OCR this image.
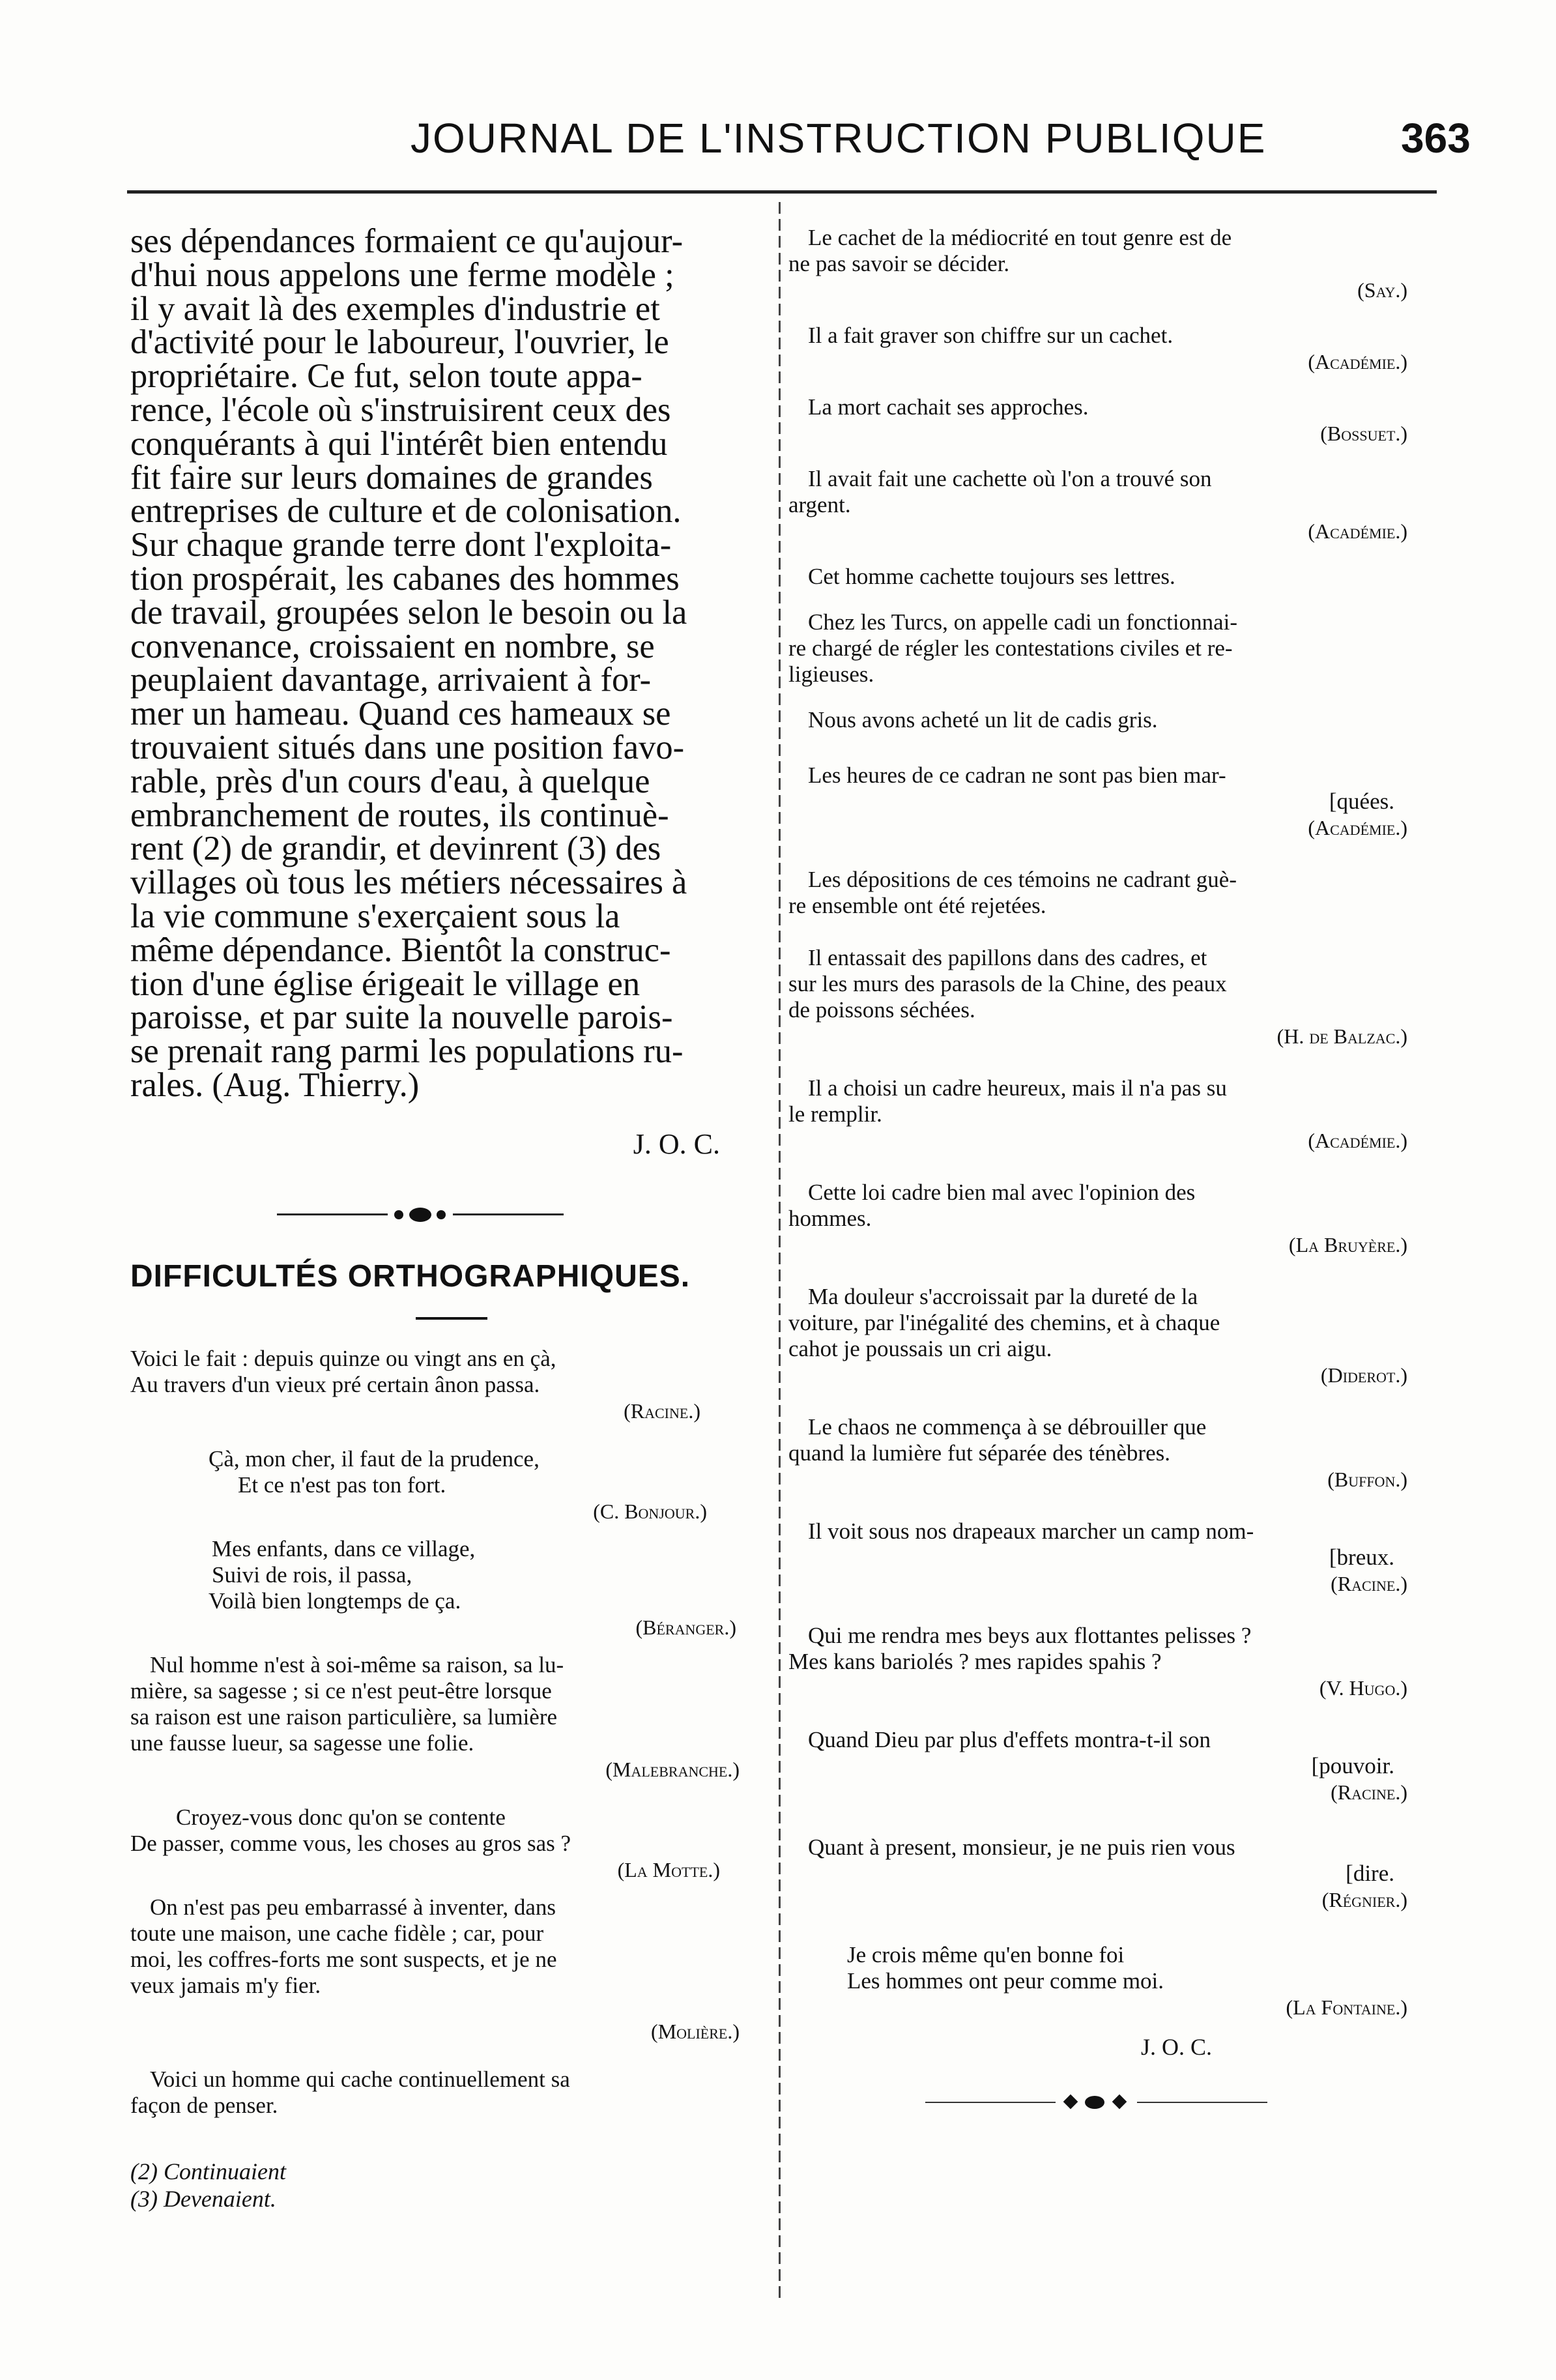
JOURNAL DE L'INSTRUCTION PUBLIQUE	363
ses dépendances formaient ce qu'aujour-
d'hui nous appelons une ferme modèle ;
il y avait là des exemples d'industrie et
d'activité pour le laboureur, l'ouvrier, le
propriétaire. Ce fut, selon toute appa-
rence, l'école où s'instruisirent ceux des
conquérants à qui l'intérêt bien entendu
fit faire sur leurs domaines de grandes
entreprises de culture et de colonisation.
Sur chaque grande terre dont l'exploita-
tion prospérait, les cabanes des hommes
de travail, groupées selon le besoin ou la
convenance, croissaient en nombre, se
peuplaient davantage, arrivaient à for-
mer un hameau. Quand ces hameaux se
trouvaient situés dans une position favo-
rable, près d'un cours d'eau, à quelque
embranchement de routes, ils continuè-
rent (2) de grandir, et devinrent (3) des
villages où tous les métiers nécessaires à
la vie commune s'exerçaient sous la
même dépendance. Bientôt la construc-
tion d'une église érigeait le village en
paroisse, et par suite la nouvelle parois-
se prenait rang parmi les populations ru-
rales. (Aug. Thierry.)
J. O. C.
DIFFICULTÉS ORTHOGRAPHIQUES.

Voici le fait : depuis quinze ou vingt ans en çà,

Au travers d'un vieux pré certain ânon passa.

(Racine.)

Çà, mon cher, il faut de la prudence,

Et ce n'est pas ton fort.

(C. Bonjour.)

Mes enfants, dans ce village,

Suivi de rois, il passa,

Voilà bien longtemps de ça.

(Béranger.)

Nul homme n'est à soi-même sa raison, sa lu-

mière, sa sagesse ; si ce n'est peut-être lorsque

sa raison est une raison particulière, sa lumière

une fausse lueur, sa sagesse une folie.

(Malebranche.)

Croyez-vous donc qu'on se contente

De passer, comme vous, les choses au gros sas ?

(La Motte.)

On n'est pas peu embarrassé à inventer, dans

toute une maison, une cache fidèle ; car, pour

moi, les coffres-forts me sont suspects, et je ne

veux jamais m'y fier.

(Molière.)

Voici un homme qui cache continuellement sa

façon de penser.

(2) Continuaient
(3) Devenaient.

Le cachet de la médiocrité en tout genre est de

ne pas savoir se décider.

(Say.)

Il a fait graver son chiffre sur un cachet.

(Académie.)

La mort cachait ses approches.

(Bossuet.)

Il avait fait une cachette où l'on a trouvé son

argent.

(Académie.)

Cet homme cachette toujours ses lettres.

Chez les Turcs, on appelle cadi un fonctionnai-

re chargé de régler les contestations civiles et re-

ligieuses.

Nous avons acheté un lit de cadis gris.

Les heures de ce cadran ne sont pas bien mar-

[quées.

(Académie.)

Les dépositions de ces témoins ne cadrant guè-

re ensemble ont été rejetées.

Il entassait des papillons dans des cadres, et

sur les murs des parasols de la Chine, des peaux

de poissons séchées.

(H. de Balzac.)

Il a choisi un cadre heureux, mais il n'a pas su

le remplir.

(Académie.)

Cette loi cadre bien mal avec l'opinion des

hommes.

(La Bruyère.)

Ma douleur s'accroissait par la dureté de la

voiture, par l'inégalité des chemins, et à chaque

cahot je poussais un cri aigu.

(Diderot.)

Le chaos ne commença à se débrouiller que

quand la lumière fut séparée des ténèbres.

(Buffon.)

Il voit sous nos drapeaux marcher un camp nom-

[breux.

(Racine.)

Qui me rendra mes beys aux flottantes pelisses ?

Mes kans bariolés ? mes rapides spahis ?

(V. Hugo.)

Quand Dieu par plus d'effets montra-t-il son

[pouvoir.

(Racine.)

Quant à present, monsieur, je ne puis rien vous

[dire.

(Régnier.)

Je crois même qu'en bonne foi

Les hommes ont peur comme moi.

(La Fontaine.)
J. O. C.
